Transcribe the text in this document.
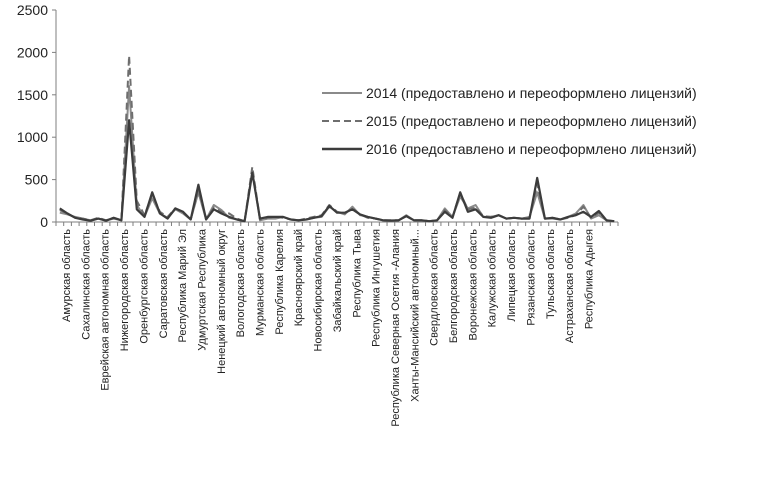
0
500
1000
1500
2000
2500
Амурская область Сахалинская область Еврейская автономная область Нижегородская область Оренбургская область Саратовская область Республика Марий Эл Удмуртская Республика Ненецкий автономный округ Вологодская область Мурманская область Республика Карелия Красноярский край Новосибирская область Забайкальский край Республика Тыва Республика Ингушетия Республика Северная Осетия -Алания Ханты-Мансийский автономный... Свердловская область Белгородская область Воронежская область Калужская область Липецкая область Рязанская область Тульская область Астраханская область Республика Адыгея
2014 (предоставлено и переоформлено лицензий)
2015 (предоставлено и переоформлено лицензий)
2016 (предоставлено и переоформлено лицензий)
